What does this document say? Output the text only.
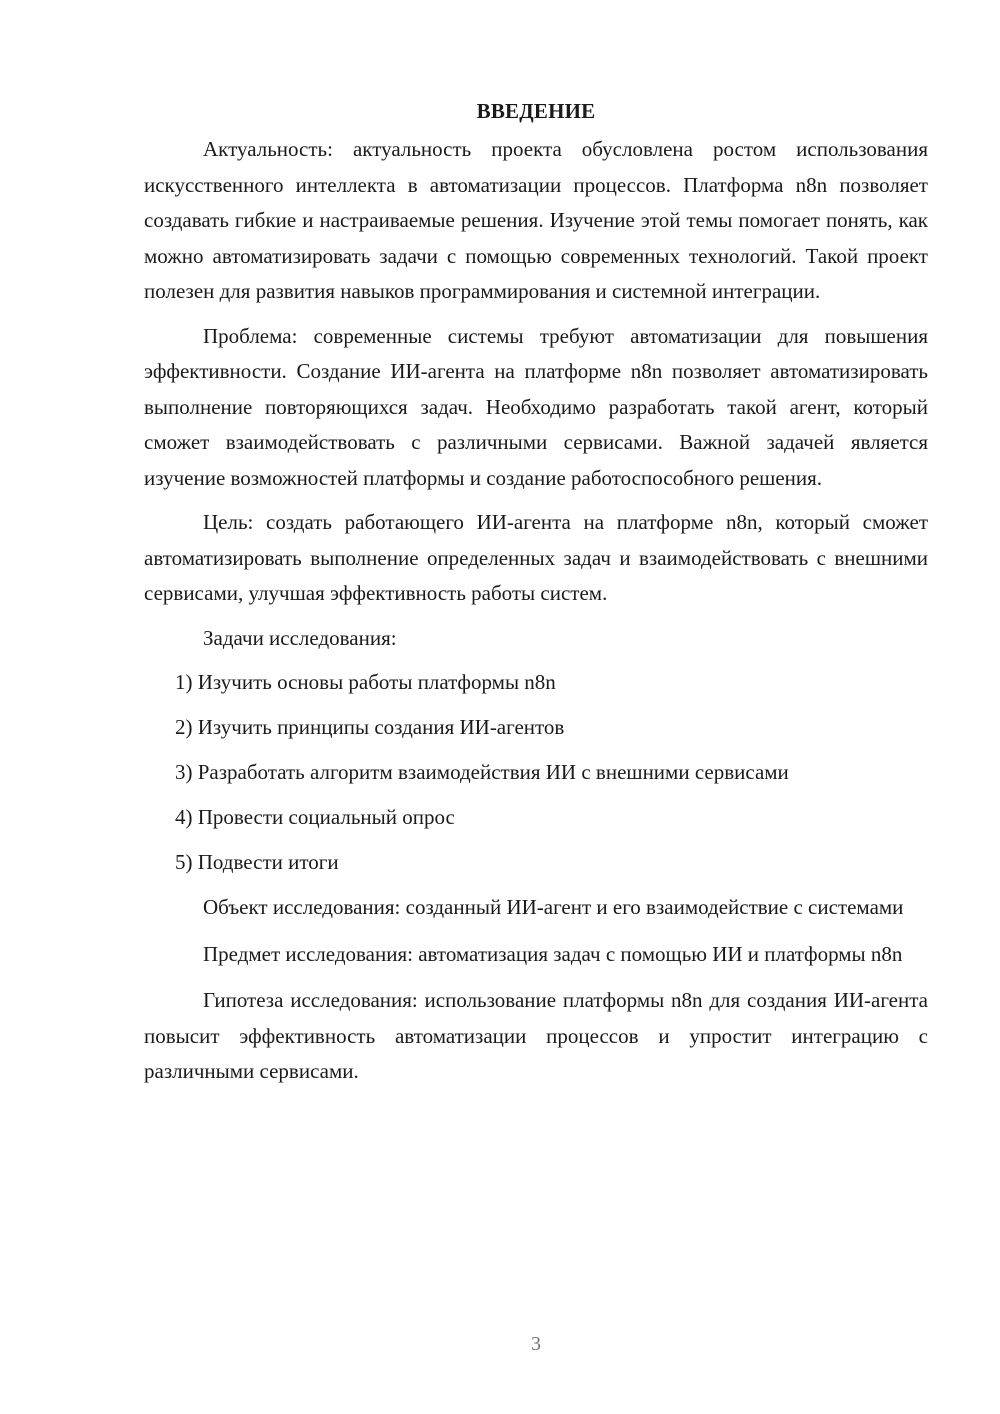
ВВЕДЕНИЕ

Актуальность: актуальность проекта обусловлена ростом использования искусственного интеллекта в автоматизации процессов. Платформа n8n позволяет создавать гибкие и настраиваемые решения. Изучение этой темы помогает понять, как можно автоматизировать задачи с помощью современных технологий. Такой проект полезен для развития навыков программирования и системной интеграции.

Проблема: современные системы требуют автоматизации для повышения эффективности. Создание ИИ-агента на платформе n8n позволяет автоматизировать выполнение повторяющихся задач. Необходимо разработать такой агент, который сможет взаимодействовать с различными сервисами. Важной задачей является изучение возможностей платформы и создание работоспособного решения.

Цель: создать работающего ИИ-агента на платформе n8n, который сможет автоматизировать выполнение определенных задач и взаимодействовать с внешними сервисами, улучшая эффективность работы систем.

Задачи исследования:

1) Изучить основы работы платформы n8n
2) Изучить принципы создания ИИ-агентов
3) Разработать алгоритм взаимодействия ИИ с внешними сервисами
4) Провести социальный опрос
5) Подвести итоги

Объект исследования: созданный ИИ-агент и его взаимодействие с системами

Предмет исследования: автоматизация задач с помощью ИИ и платформы n8n

Гипотеза исследования: использование платформы n8n для создания ИИ-агента повысит эффективность автоматизации процессов и упростит интеграцию с различными сервисами.

3
